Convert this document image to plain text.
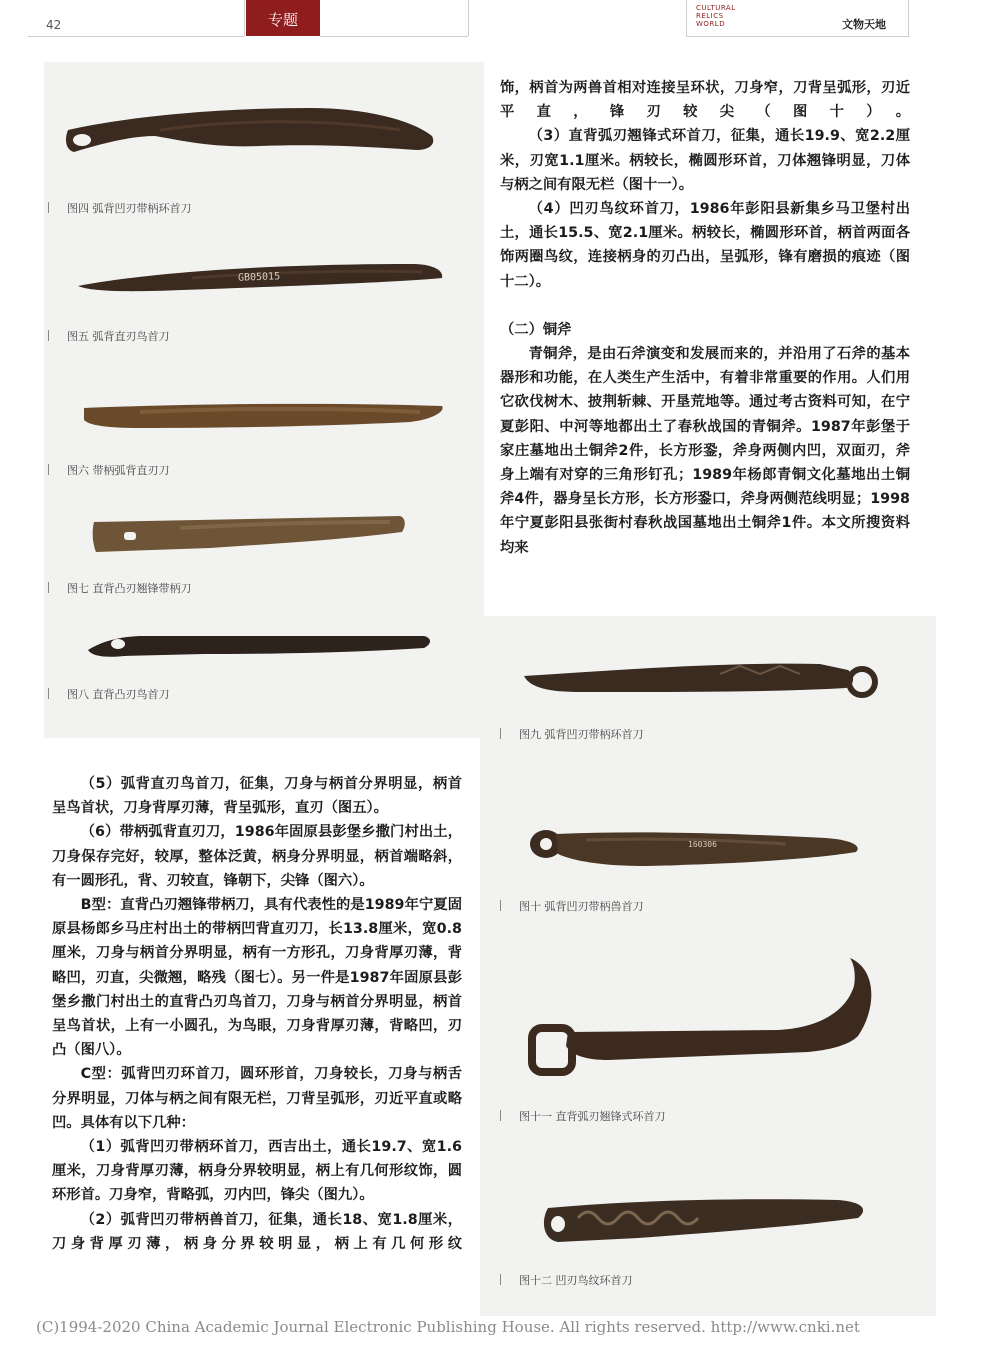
42	专题
CULTURAL
RELICS
WORLD	文物天地
图四 弧背凹刃带柄环首刀
GB05015
图五 弧背直刃鸟首刀
图六 带柄弧背直刃刀
图七 直背凸刃翘锋带柄刀
图八 直背凸刃鸟首刀

饰，柄首为两兽首相对连接呈环状，刀身窄，刀背呈弧形，刃近平直，锋刃较尖（图十）。

（3）直背弧刃翘锋式环首刀，征集，通长19.9、宽2.2厘米，刃宽1.1厘米。柄较长，椭圆形环首，刀体翘锋明显，刀体与柄之间有限无栏（图十一）。

（4）凹刃鸟纹环首刀，1986年彭阳县新集乡马卫堡村出土，通长15.5、宽2.1厘米。柄较长，椭圆形环首，柄首两面各饰两圈鸟纹，连接柄身的刃凸出，呈弧形，锋有磨损的痕迹（图十二）。

（二）铜斧

青铜斧，是由石斧演变和发展而来的，并沿用了石斧的基本器形和功能，在人类生产生活中，有着非常重要的作用。人们用它砍伐树木、披荆斩棘、开垦荒地等。通过考古资料可知，在宁夏彭阳、中河等地都出土了春秋战国的青铜斧。1987年彭堡于家庄墓地出土铜斧2件，长方形銎，斧身两侧内凹，双面刃，斧身上端有对穿的三角形钉孔；1989年杨郎青铜文化墓地出土铜斧4件，器身呈长方形，长方形銎口，斧身两侧范线明显；1998年宁夏彭阳县张街村春秋战国墓地出土铜斧1件。本文所搜资料均来

图九 弧背凹刃带柄环首刀
160306
图十 弧背凹刃带柄兽首刀
图十一 直背弧刃翘锋式环首刀
图十二 凹刃鸟纹环首刀

（5）弧背直刃鸟首刀，征集，刀身与柄首分界明显，柄首呈鸟首状，刀身背厚刃薄，背呈弧形，直刃（图五）。

（6）带柄弧背直刃刀，1986年固原县彭堡乡撒门村出土，刀身保存完好，较厚，整体泛黄，柄身分界明显，柄首端略斜，有一圆形孔，背、刃较直，锋朝下，尖锋（图六）。

B型：直背凸刃翘锋带柄刀，具有代表性的是1989年宁夏固原县杨郎乡马庄村出土的带柄凹背直刃刀，长13.8厘米，宽0.8厘米，刀身与柄首分界明显，柄有一方形孔，刀身背厚刃薄，背略凹，刃直，尖微翘，略残（图七）。另一件是1987年固原县彭堡乡撒门村出土的直背凸刃鸟首刀，刀身与柄首分界明显，柄首呈鸟首状，上有一小圆孔，为鸟眼，刀身背厚刃薄，背略凹，刃凸（图八）。

C型：弧背凹刃环首刀，圆环形首，刀身较长，刀身与柄舌分界明显，刀体与柄之间有限无栏，刀背呈弧形，刃近平直或略凹。具体有以下几种：

（1）弧背凹刃带柄环首刀，西吉出土，通长19.7、宽1.6厘米，刀身背厚刃薄，柄身分界较明显，柄上有几何形纹饰，圆环形首。刀身窄，背略弧，刃内凹，锋尖（图九）。

（2）弧背凹刃带柄兽首刀，征集，通长18、宽1.8厘米，刀身背厚刃薄，柄身分界较明显，柄上有几何形纹

(C)1994-2020 China Academic Journal Electronic Publishing House. All rights reserved. http://www.cnki.net
